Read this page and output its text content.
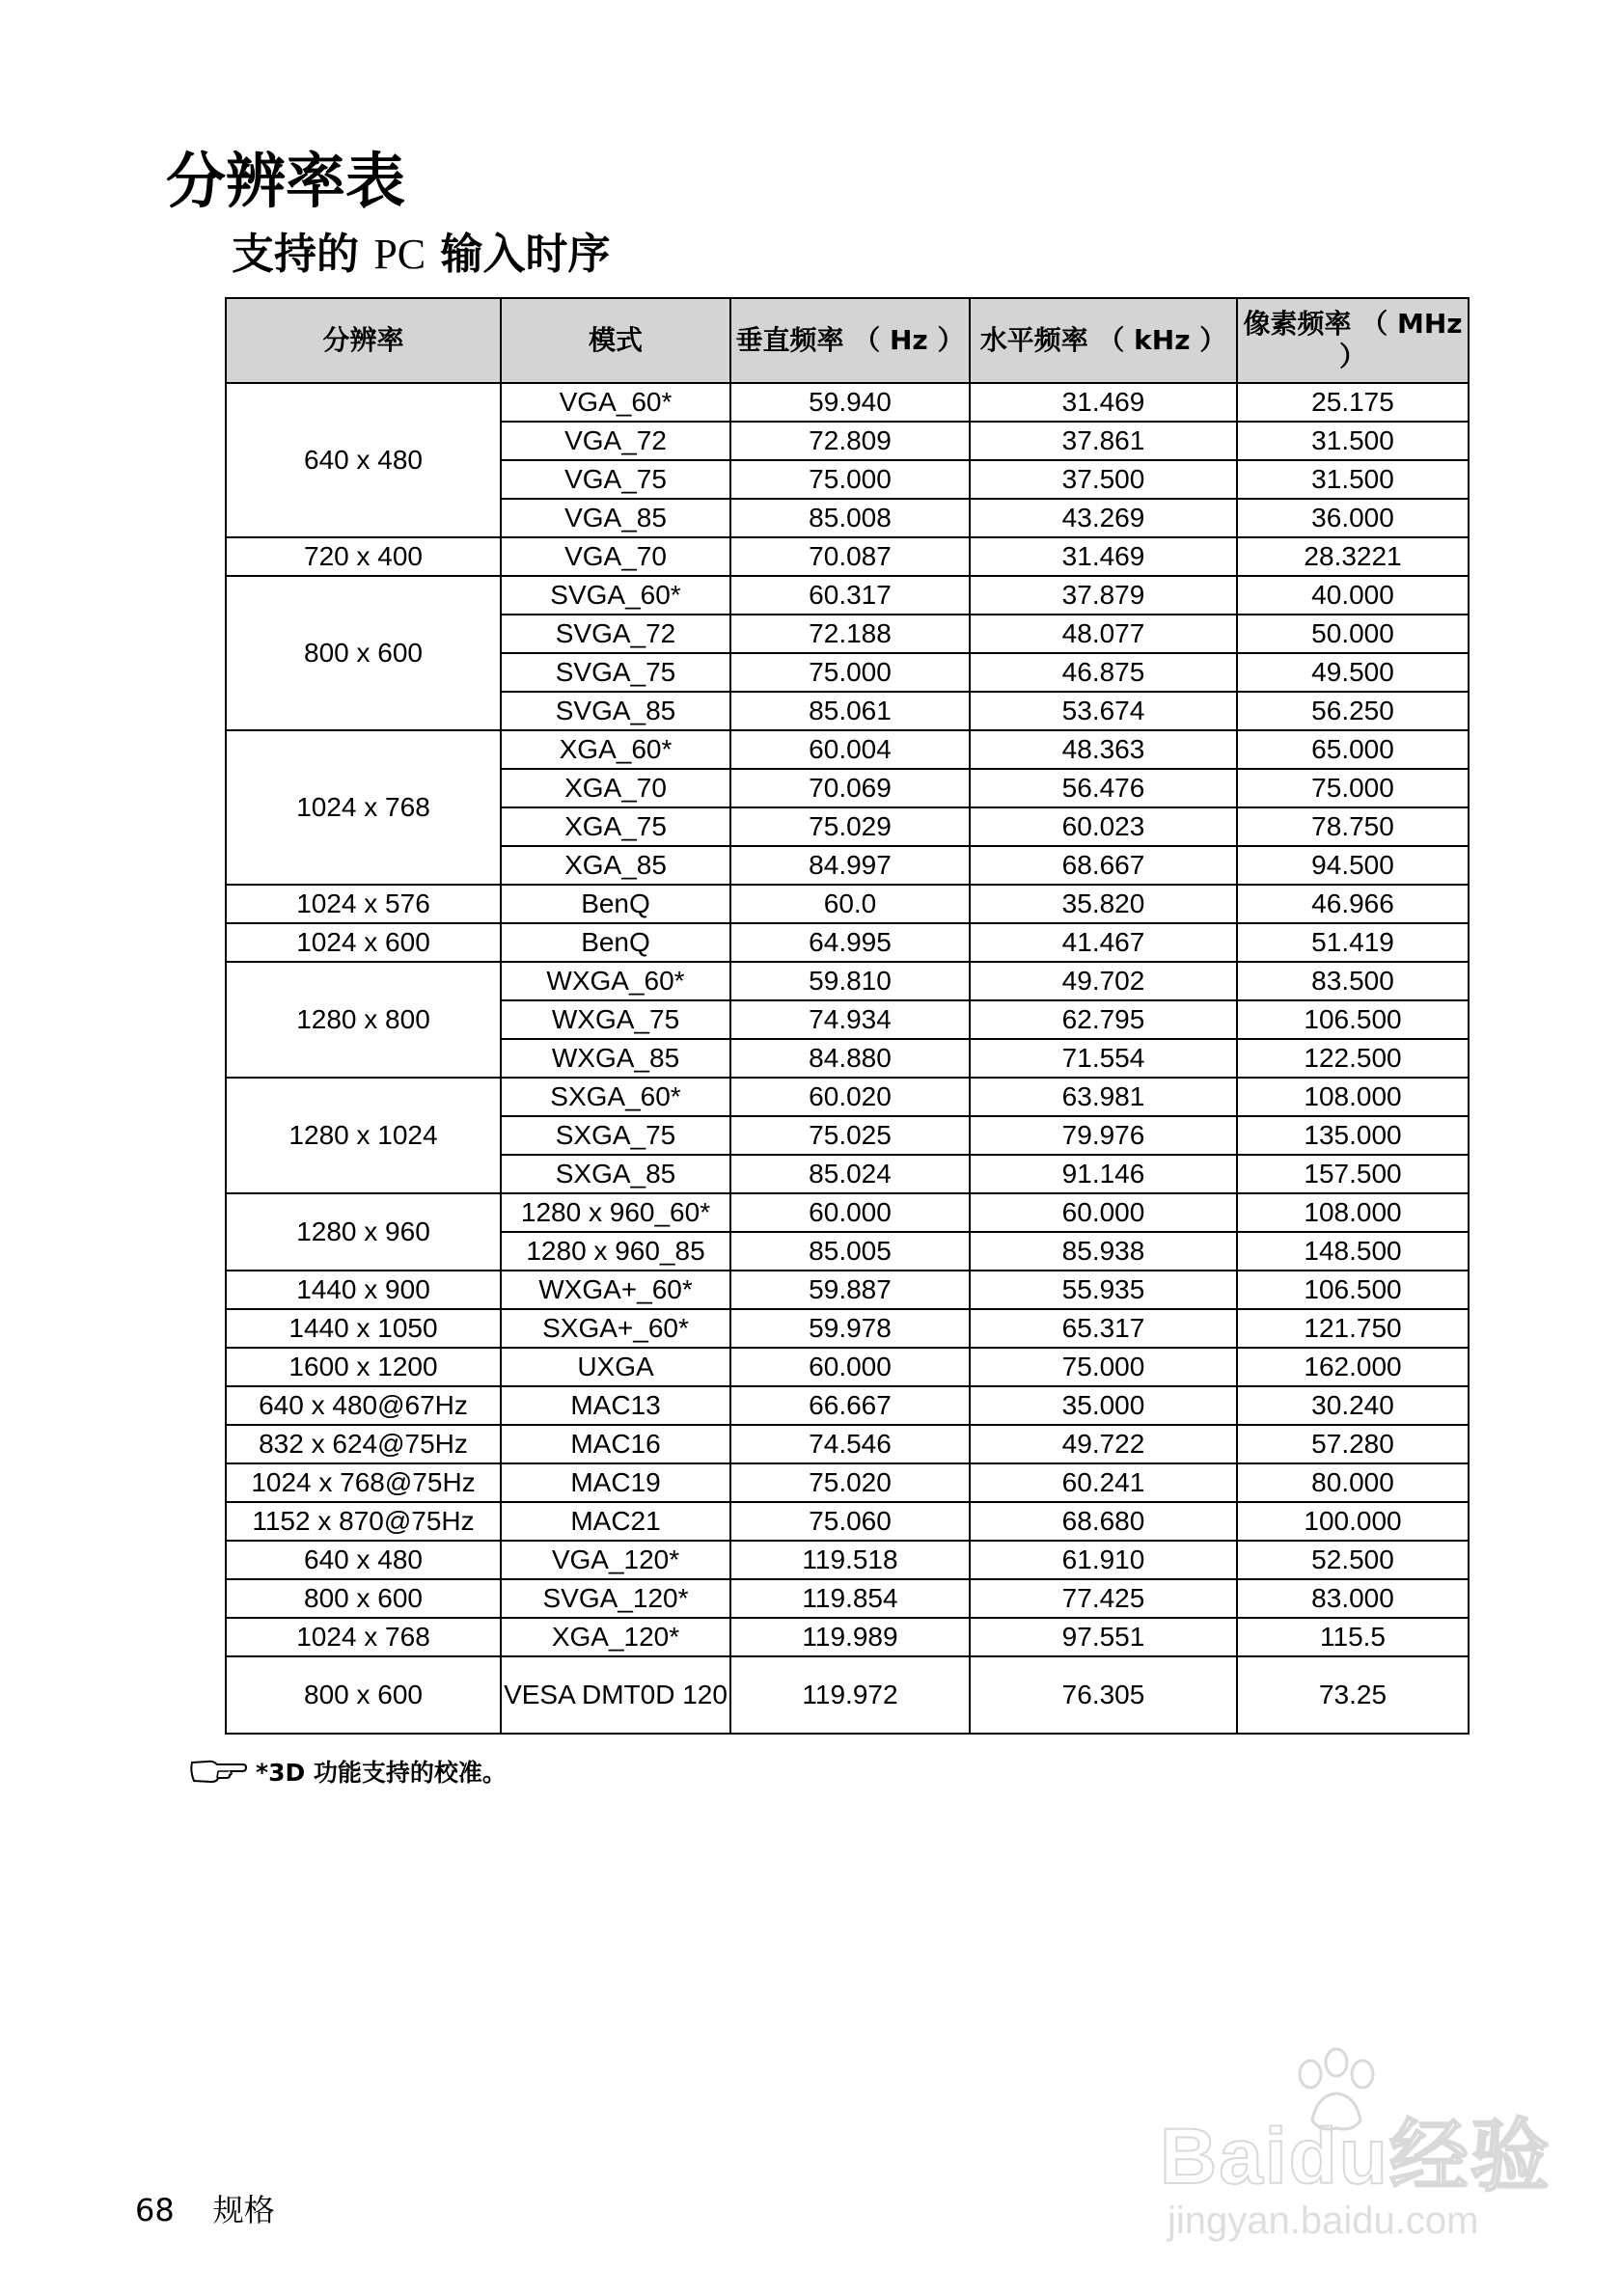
分辨率表
支持的 PC 输入时序
分辨率	模式	垂直频率 （ Hz ）	水平频率 （ kHz ）	像素频率 （ MHz ）
640 x 480	VGA_60*	59.940	31.469	25.175
	VGA_72	72.809	37.861	31.500
	VGA_75	75.000	37.500	31.500
	VGA_85	85.008	43.269	36.000
720 x 400	VGA_70	70.087	31.469	28.3221
800 x 600	SVGA_60*	60.317	37.879	40.000
	SVGA_72	72.188	48.077	50.000
	SVGA_75	75.000	46.875	49.500
	SVGA_85	85.061	53.674	56.250
1024 x 768	XGA_60*	60.004	48.363	65.000
	XGA_70	70.069	56.476	75.000
	XGA_75	75.029	60.023	78.750
	XGA_85	84.997	68.667	94.500
1024 x 576	BenQ	60.0	35.820	46.966
1024 x 600	BenQ	64.995	41.467	51.419
1280 x 800	WXGA_60*	59.810	49.702	83.500
	WXGA_75	74.934	62.795	106.500
	WXGA_85	84.880	71.554	122.500
1280 x 1024	SXGA_60*	60.020	63.981	108.000
	SXGA_75	75.025	79.976	135.000
	SXGA_85	85.024	91.146	157.500
1280 x 960	1280 x 960_60*	60.000	60.000	108.000
	1280 x 960_85	85.005	85.938	148.500
1440 x 900	WXGA+_60*	59.887	55.935	106.500
1440 x 1050	SXGA+_60*	59.978	65.317	121.750
1600 x 1200	UXGA	60.000	75.000	162.000
640 x 480@67Hz	MAC13	66.667	35.000	30.240
832 x 624@75Hz	MAC16	74.546	49.722	57.280
1024 x 768@75Hz	MAC19	75.020	60.241	80.000
1152 x 870@75Hz	MAC21	75.060	68.680	100.000
640 x 480	VGA_120*	119.518	61.910	52.500
800 x 600	SVGA_120*	119.854	77.425	83.000
1024 x 768	XGA_120*	119.989	97.551	115.5
800 x 600	VESA DMT0D 120	119.972	76.305	73.25
*3D 功能支持的校准。
68 规格
Baidu经验
jingyan.baidu.com
